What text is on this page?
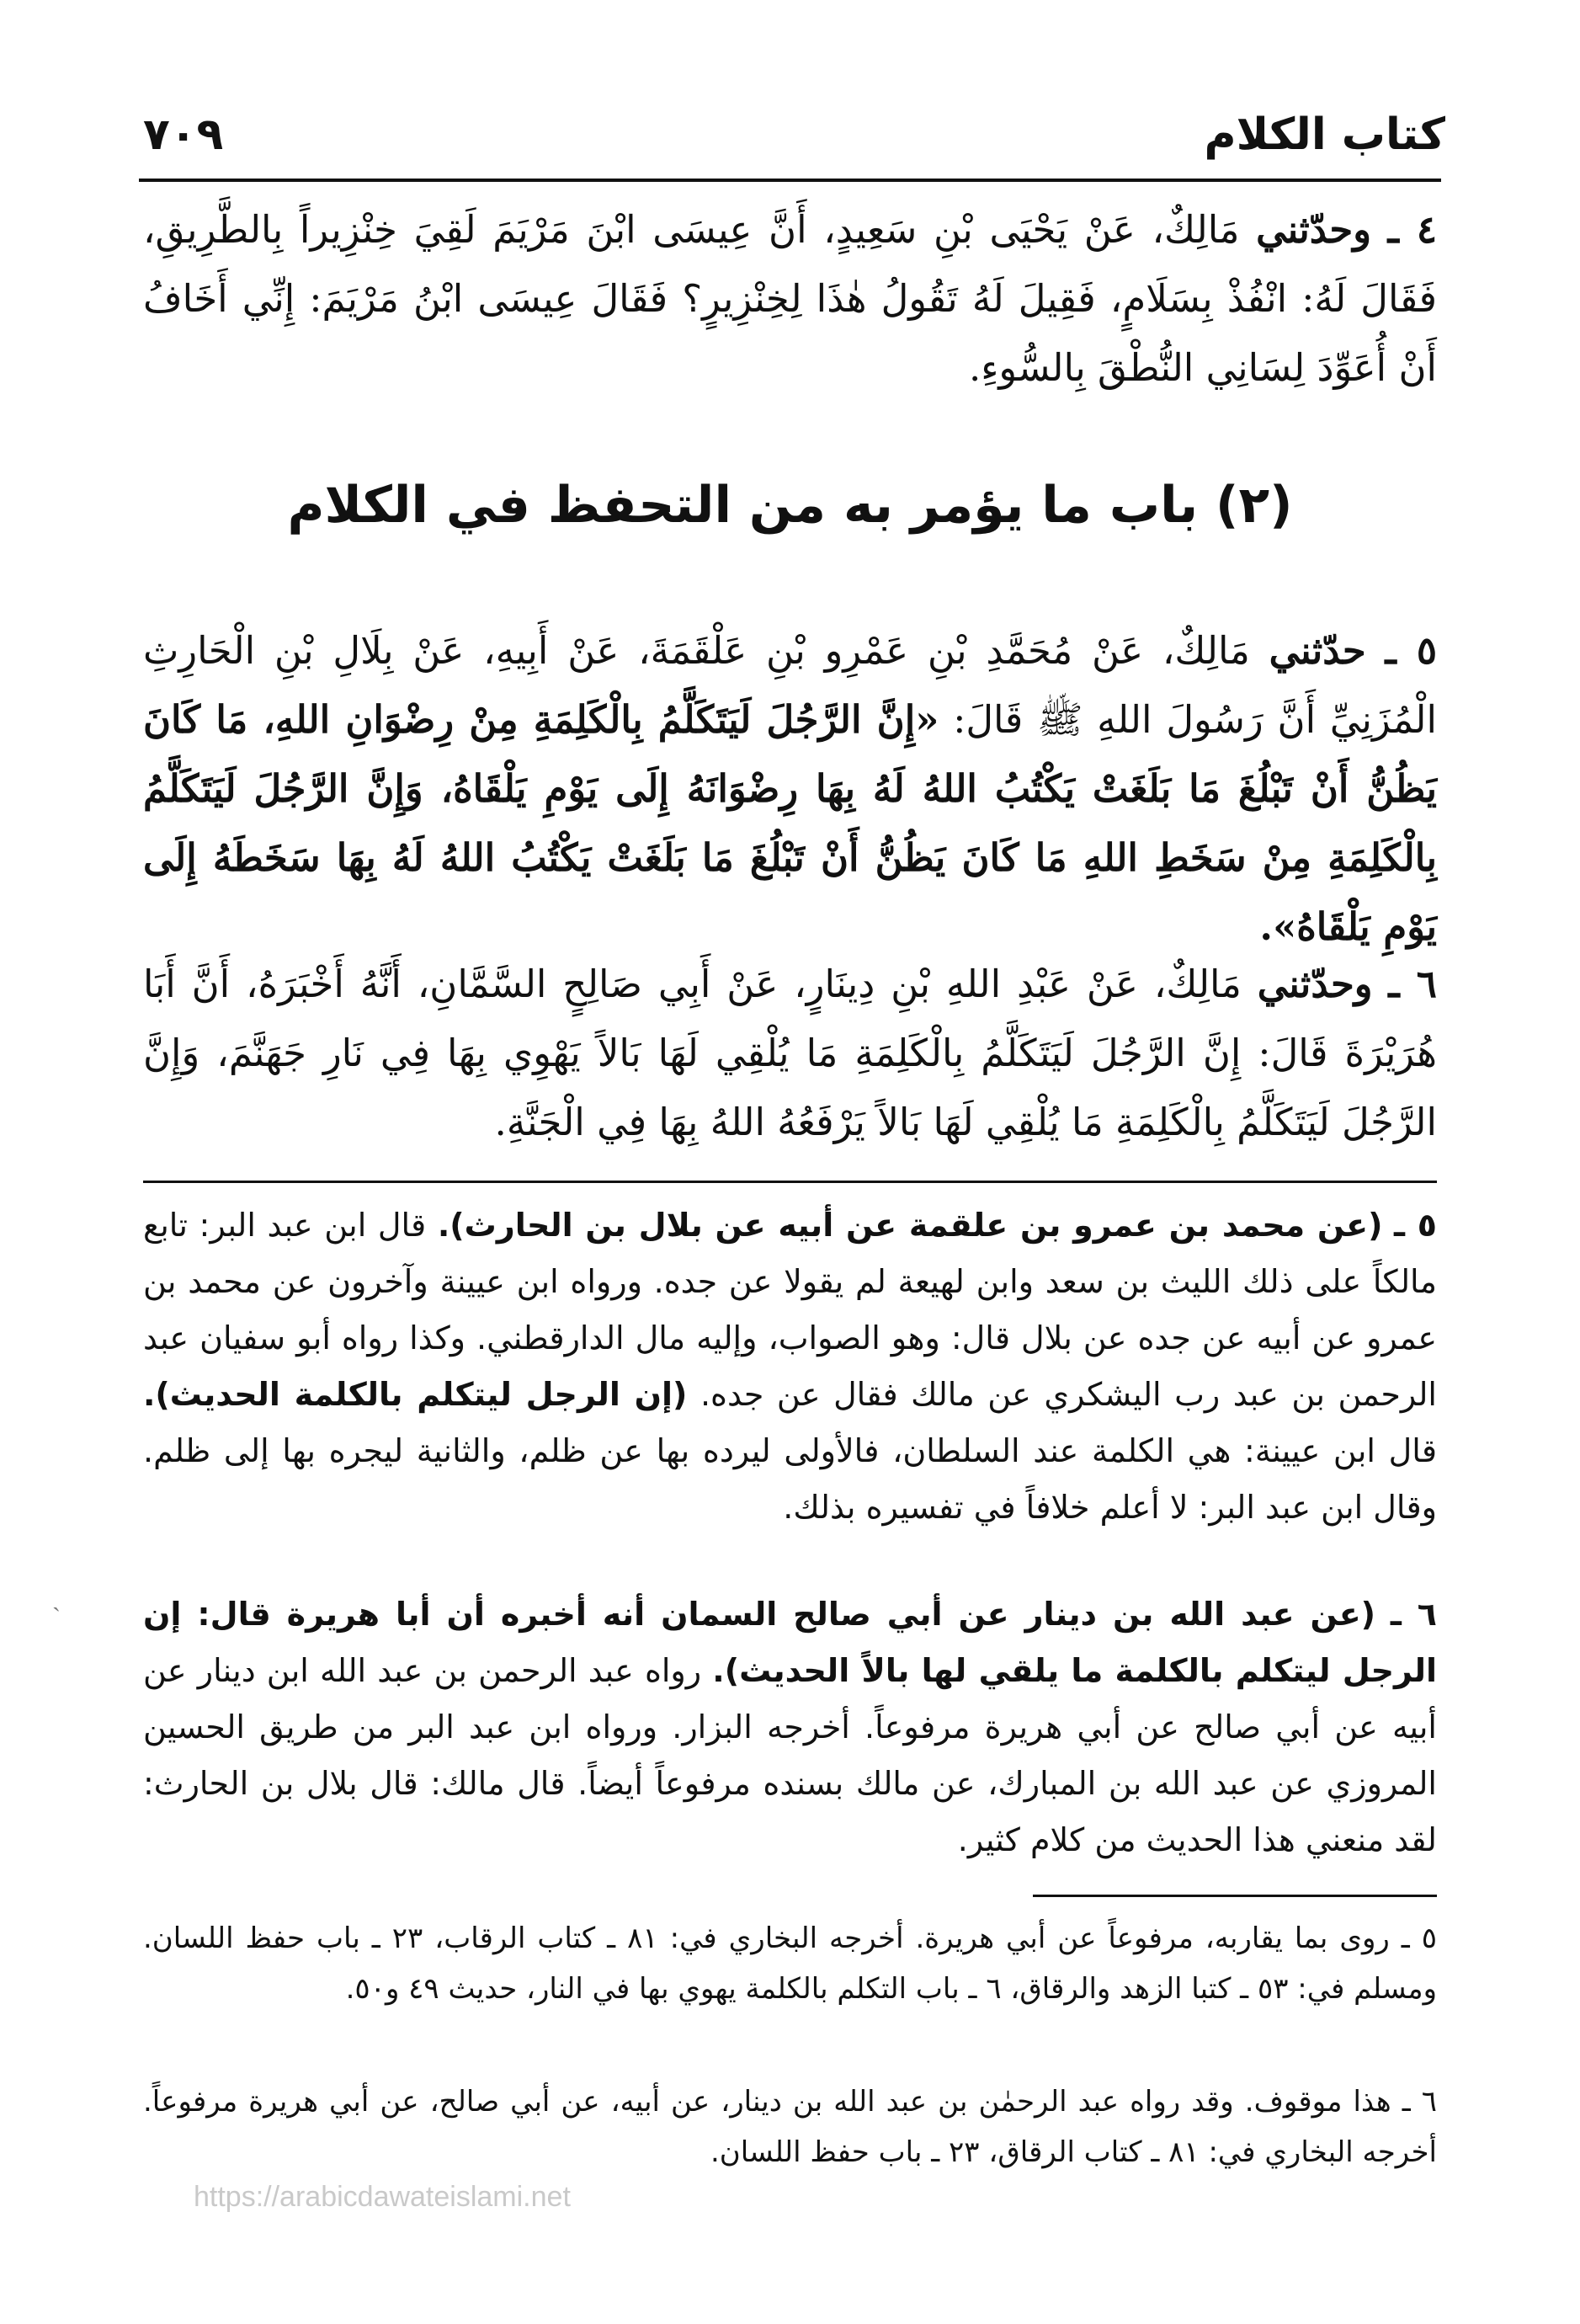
كتاب الكلام
٧٠٩
٤ ـ وحدّثني مَالِكٌ، عَنْ يَحْيَى بْنِ سَعِيدٍ، أَنَّ عِيسَى ابْنَ مَرْيَمَ لَقِيَ خِنْزِيراً بِالطَّرِيقِ، فَقَالَ لَهُ: انْفُذْ بِسَلَامٍ، فَقِيلَ لَهُ تَقُولُ هٰذَا لِخِنْزِيرٍ؟ فَقَالَ عِيسَى ابْنُ مَرْيَمَ: إِنِّي أَخَافُ أَنْ أُعَوِّدَ لِسَانِي النُّطْقَ بِالسُّوءِ.
(٢) باب ما يؤمر به من التحفظ في الكلام
٥ ـ حدّثني مَالِكٌ، عَنْ مُحَمَّدِ بْنِ عَمْرِو بْنِ عَلْقَمَةَ، عَنْ أَبِيهِ، عَنْ بِلَالِ بْنِ الْحَارِثِ الْمُزَنِيِّ أَنَّ رَسُولَ اللهِ ﷺ قَالَ: «إِنَّ الرَّجُلَ لَيَتَكَلَّمُ بِالْكَلِمَةِ مِنْ رِضْوَانِ اللهِ، مَا كَانَ يَظُنُّ أَنْ تَبْلُغَ مَا بَلَغَتْ يَكْتُبُ اللهُ لَهُ بِهَا رِضْوَانَهُ إِلَى يَوْمِ يَلْقَاهُ، وَإِنَّ الرَّجُلَ لَيَتَكَلَّمُ بِالْكَلِمَةِ مِنْ سَخَطِ اللهِ مَا كَانَ يَظُنُّ أَنْ تَبْلُغَ مَا بَلَغَتْ يَكْتُبُ اللهُ لَهُ بِهَا سَخَطَهُ إِلَى يَوْمِ يَلْقَاهُ».
٦ ـ وحدّثني مَالِكٌ، عَنْ عَبْدِ اللهِ بْنِ دِينَارٍ، عَنْ أَبِي صَالِحٍ السَّمَّانِ، أَنَّهُ أَخْبَرَهُ، أَنَّ أَبَا هُرَيْرَةَ قَالَ: إِنَّ الرَّجُلَ لَيَتَكَلَّمُ بِالْكَلِمَةِ مَا يُلْقِي لَهَا بَالاً يَهْوِي بِهَا فِي نَارِ جَهَنَّمَ، وَإِنَّ الرَّجُلَ لَيَتَكَلَّمُ بِالْكَلِمَةِ مَا يُلْقِي لَهَا بَالاً يَرْفَعُهُ اللهُ بِهَا فِي الْجَنَّةِ.
٥ ـ (عن محمد بن عمرو بن علقمة عن أبيه عن بلال بن الحارث). قال ابن عبد البر: تابع مالكاً على ذلك الليث بن سعد وابن لهيعة لم يقولا عن جده. ورواه ابن عيينة وآخرون عن محمد بن عمرو عن أبيه عن جده عن بلال قال: وهو الصواب، وإليه مال الدارقطني. وكذا رواه أبو سفيان عبد الرحمن بن عبد رب اليشكري عن مالك فقال عن جده. (إن الرجل ليتكلم بالكلمة الحديث). قال ابن عيينة: هي الكلمة عند السلطان، فالأولى ليرده بها عن ظلم، والثانية ليجره بها إلى ظلم. وقال ابن عبد البر: لا أعلم خلافاً في تفسيره بذلك.
٦ ـ (عن عبد الله بن دينار عن أبي صالح السمان أنه أخبره أن أبا هريرة قال: إن الرجل ليتكلم بالكلمة ما يلقي لها بالاً الحديث). رواه عبد الرحمن بن عبد الله ابن دينار عن أبيه عن أبي صالح عن أبي هريرة مرفوعاً. أخرجه البزار. ورواه ابن عبد البر من طريق الحسين المروزي عن عبد الله بن المبارك، عن مالك بسنده مرفوعاً أيضاً. قال مالك: قال بلال بن الحارث: لقد منعني هذا الحديث من كلام كثير.
٥ ـ روى بما يقاربه، مرفوعاً عن أبي هريرة. أخرجه البخاري في: ٨١ ـ كتاب الرقاب، ٢٣ ـ باب حفظ اللسان. ومسلم في: ٥٣ ـ كتبا الزهد والرقاق، ٦ ـ باب التكلم بالكلمة يهوي بها في النار، حديث ٤٩ و٥٠.
٦ ـ هذا موقوف. وقد رواه عبد الرحمٰن بن عبد الله بن دينار، عن أبيه، عن أبي صالح، عن أبي هريرة مرفوعاً. أخرجه البخاري في: ٨١ ـ كتاب الرقاق، ٢٣ ـ باب حفظ اللسان.
https://arabicdawateislami.net
ˎ
